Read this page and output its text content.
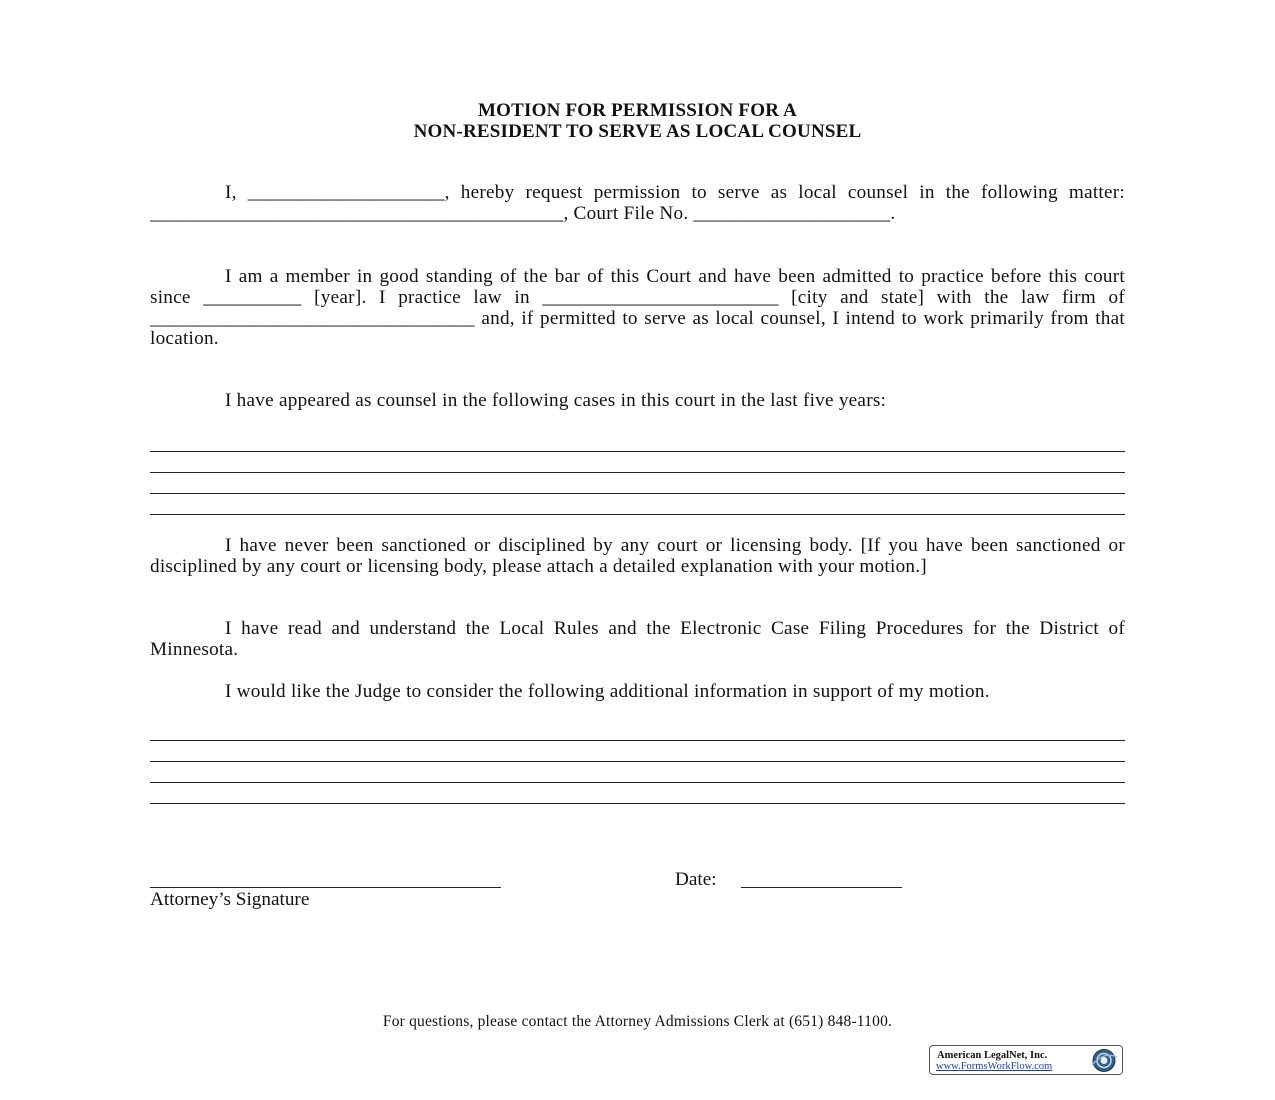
MOTION FOR PERMISSION FOR A
NON-RESIDENT TO SERVE AS LOCAL COUNSEL
I, ____________________, hereby request permission to serve as local counsel in the following matter: __________________________________________, Court File No. ____________________.
I am a member in good standing of the bar of this Court and have been admitted to practice before this court since __________ [year]. I practice law in ________________________ [city and state] with the law firm of _________________________________ and, if permitted to serve as local counsel, I intend to work primarily from that location.
I have appeared as counsel in the following cases in this court in the last five years:
I have never been sanctioned or disciplined by any court or licensing body. [If you have been sanctioned or disciplined by any court or licensing body, please attach a detailed explanation with your motion.]
I have read and understand the Local Rules and the Electronic Case Filing Procedures for the District of Minnesota.
I would like the Judge to consider the following additional information in support of my motion.
Attorney’s Signature
Date:
For questions, please contact the Attorney Admissions Clerk at (651) 848-1100.
American LegalNet, Inc.
www.FormsWorkFlow.com
